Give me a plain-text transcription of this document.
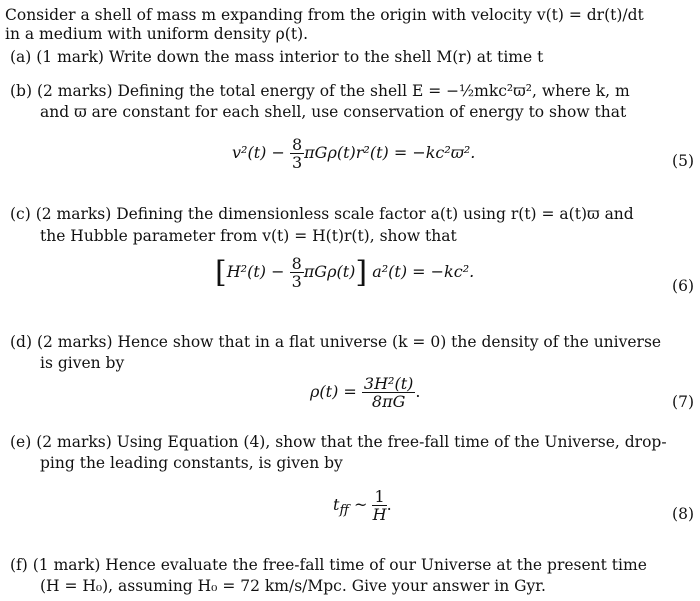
Consider a shell of mass m expanding from the origin with velocity v(t) = dr(t)/dt
in a medium with uniform density ρ(t).
(a) (1 mark) Write down the mass interior to the shell M(r) at time t
(b) (2 marks) Defining the total energy of the shell E = −½mkc²ϖ², where k, m
and ϖ are constant for each shell, use conservation of energy to show that
$v^2(t) - \frac{8}{3} \pi G\rho(t)r^2(t) = -kc^2ϖ^2$.	(5)
(c) (2 marks) Defining the dimensionless scale factor a(t) using r(t) = a(t)ϖ and
the Hubble parameter from v(t) = H(t)r(t), show that
$[H^2(t) - \frac{8}{3} \pi G\rho(t)]$ a²(t) = −kc².
(6)
(d) (2 marks) Hence show that in a flat universe (k = 0) the density of the universe
is given by
$\rho(t) = \frac{\text{3H²(t)}}{8\pi G}$ .
(7)
(e) (2 marks) Using Equation (4), show that the free-fall time of the Universe, drop-
ping the leading constants, is given by
$t_{ff}$ ~ $\frac{1}{H}$ .	(8)
(f) (1 mark) Hence evaluate the free-fall time of our Universe at the present time
(H = H₀), assuming H₀ = 72 km/s/Mpc. Give your answer in Gyr.
